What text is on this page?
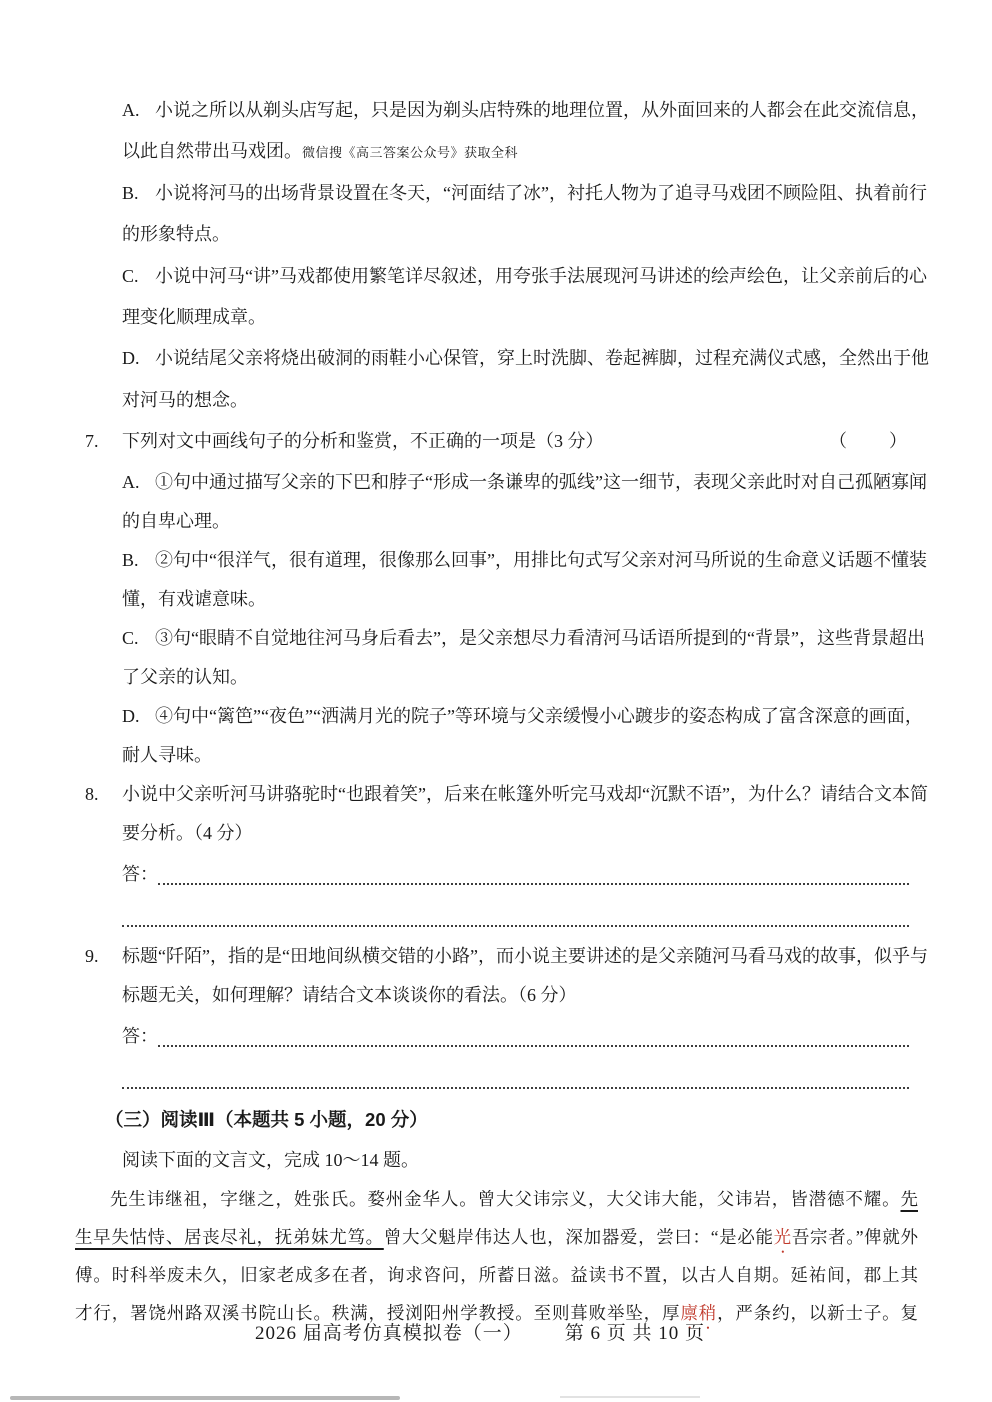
A. 小说之所以从剃头店写起，只是因为剃头店特殊的地理位置，从外面回来的人都会在此交流信息，
以此自然带出马戏团。微信搜《高三答案公众号》获取全科
B. 小说将河马的出场背景设置在冬天，“河面结了冰”，衬托人物为了追寻马戏团不顾险阻、执着前行
的形象特点。
C. 小说中河马“讲”马戏都使用繁笔详尽叙述，用夸张手法展现河马讲述的绘声绘色，让父亲前后的心
理变化顺理成章。
D. 小说结尾父亲将烧出破洞的雨鞋小心保管，穿上时洗脚、卷起裤脚，过程充满仪式感，全然出于他
对河马的想念。
7.	下列对文中画线句子的分析和鉴赏，不正确的一项是（3 分）	（　　）
A. ①句中通过描写父亲的下巴和脖子“形成一条谦卑的弧线”这一细节，表现父亲此时对自己孤陋寡闻
的自卑心理。
B. ②句中“很洋气，很有道理，很像那么回事”，用排比句式写父亲对河马所说的生命意义话题不懂装
懂，有戏谑意味。
C. ③句“眼睛不自觉地往河马身后看去”，是父亲想尽力看清河马话语所提到的“背景”，这些背景超出
了父亲的认知。
D. ④句中“篱笆”“夜色”“洒满月光的院子”等环境与父亲缓慢小心踱步的姿态构成了富含深意的画面，
耐人寻味。
8.	小说中父亲听河马讲骆驼时“也跟着笑”，后来在帐篷外听完马戏却“沉默不语”，为什么？请结合文本简
要分析。（4 分）
答：
9.	标题“阡陌”，指的是“田地间纵横交错的小路”，而小说主要讲述的是父亲随河马看马戏的故事，似乎与
标题无关，如何理解？请结合文本谈谈你的看法。（6 分）
答：
（三）阅读Ⅲ（本题共 5 小题，20 分）
阅读下面的文言文，完成 10～14 题。
先生讳继祖，字继之，姓张氏。婺州金华人。曾大父讳宗义，大父讳大能，父讳岩，皆潜德不耀。先
生早失怙恃、居丧尽礼，抚弟妹尤笃。曾大父魁岸伟达人也，深加器爱，尝曰：“是必能光吾宗者。”俾就外
傅。时科举废未久，旧家老成多在者，询求咨问，所蓄日滋。益读书不置，以古人自期。延祐间，郡上其
才行，署饶州路双溪书院山长。秩满，授浏阳州学教授。至则葺败举坠，厚廪稍，严条约，以新士子。复
2026 届高考仿真模拟卷（一） 第 6 页 共 10 页
